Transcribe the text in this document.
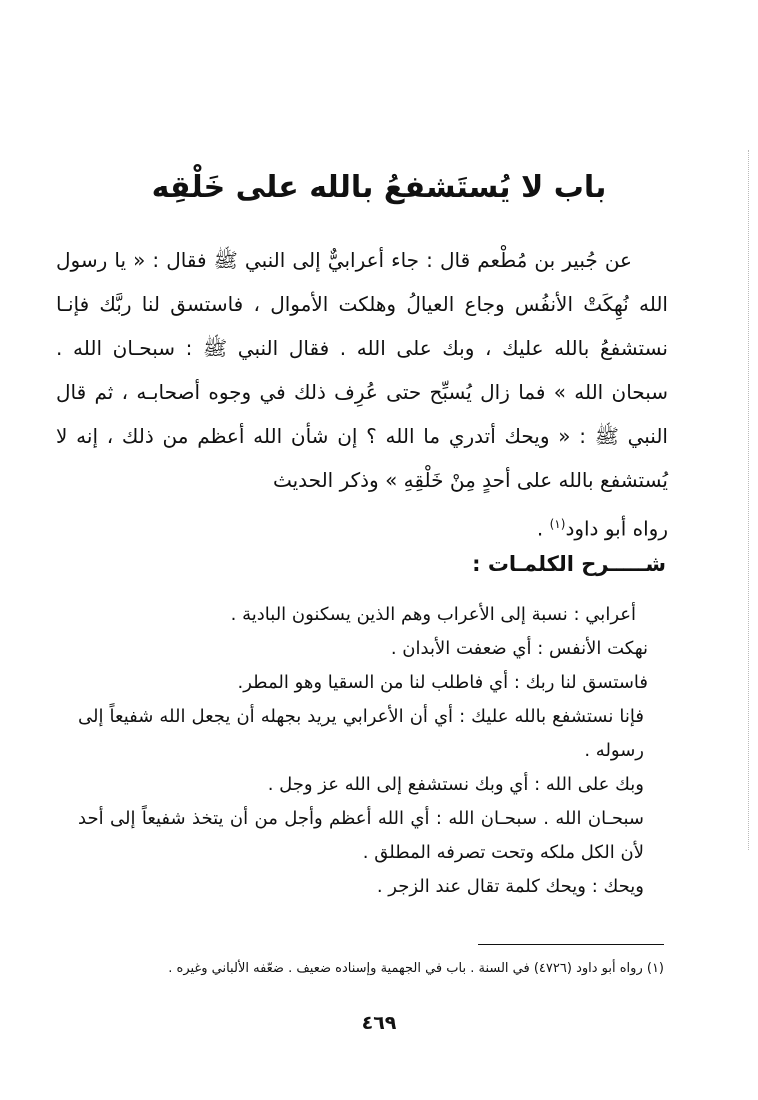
باب لا يُستَشفعُ بالله على خَلْقِه

عن جُبير بن مُطْعم قال : جاء أعرابيٌّ إلى النبي ﷺ فقال : « يا رسول الله نُهِكَتْ الأنفُس وجاع العيالُ وهلكت الأموال ، فاستسق لنا ربَّك فإنـا نستشفعُ بالله عليك ، وبك على الله . فقال النبي ﷺ : سبحـان الله . سبحان الله » فما زال يُسبِّح حتى عُرِف ذلك في وجوه أصحابـه ، ثم قال النبي ﷺ : « ويحك أتدري ما الله ؟ إن شأن الله أعظم من ذلك ، إنه لا يُستشفع بالله على أحدٍ مِنْ خَلْقِهِ » وذكر الحديث

رواه أبو داود$^{(١)}$ .

شـــــرح الكلمـات :

أعرابي : نسبة إلى الأعراب وهم الذين يسكنون البادية .

نهكت الأنفس : أي ضعفت الأبدان .

فاستسق لنا ربك : أي فاطلب لنا من السقيا وهو المطر.

فإنا نستشفع بالله عليك : أي أن الأعرابي يريد بجهله أن يجعل الله شفيعاً إلى رسوله .

وبك على الله : أي وبك نستشفع إلى الله عز وجل .

سبحـان الله . سبحـان الله : أي الله أعظم وأجل من أن يتخذ شفيعاً إلى أحد لأن الكل ملكه وتحت تصرفه المطلق .

ويحك : ويحك كلمة تقال عند الزجر .

(١) رواه أبو داود (٤٧٢٦) في السنة . باب في الجهمية وإسناده ضعيف . ضعّفه الألباني وغيره .
٤٦٩
